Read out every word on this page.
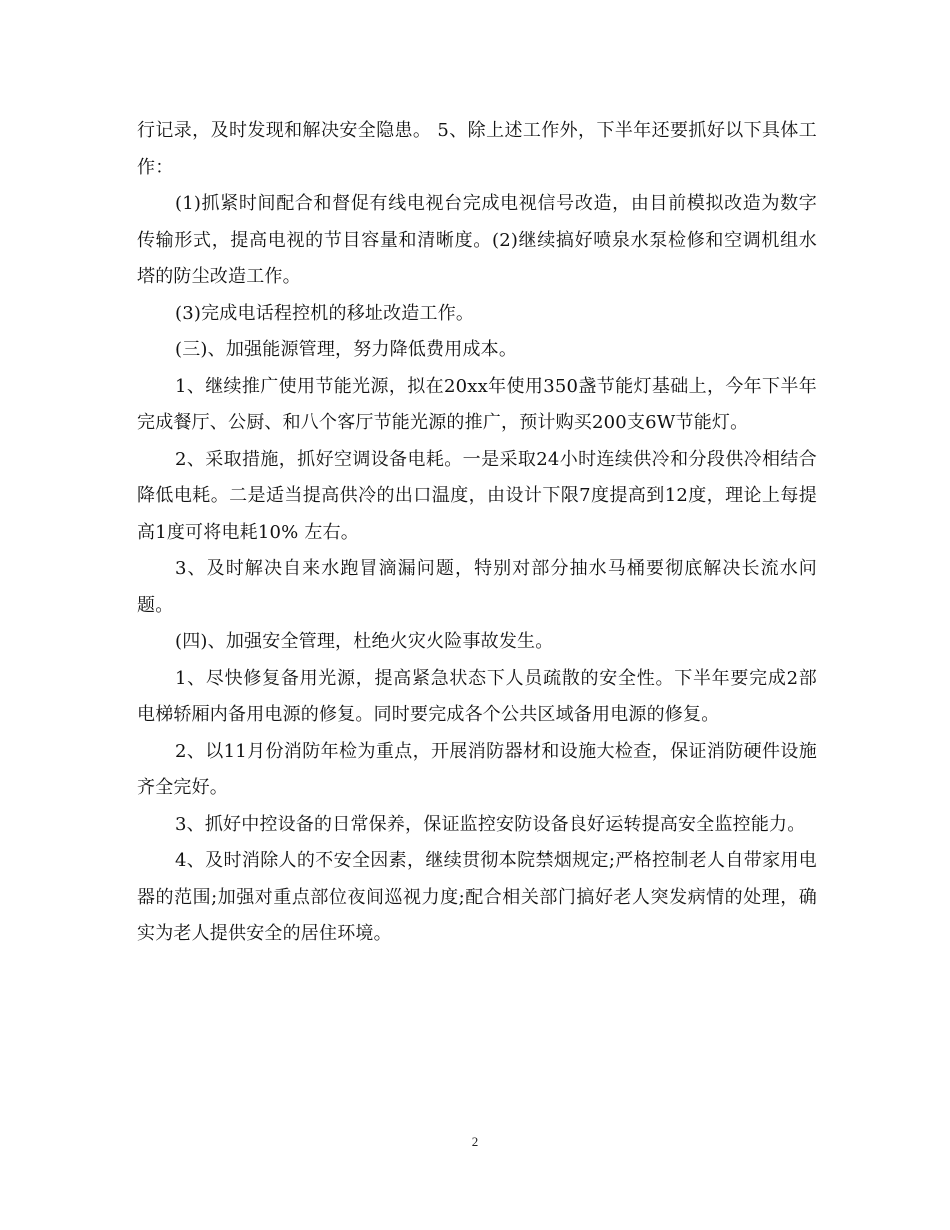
行记录，及时发现和解决安全隐患。 5、除上述工作外，下半年还要抓好以下具体工作：

(1)抓紧时间配合和督促有线电视台完成电视信号改造，由目前模拟改造为数字传输形式，提高电视的节目容量和清晰度。(2)继续搞好喷泉水泵检修和空调机组水塔的防尘改造工作。

(3)完成电话程控机的移址改造工作。

(三)、加强能源管理，努力降低费用成本。

1、继续推广使用节能光源，拟在20xx年使用350盏节能灯基础上，今年下半年完成餐厅、公厨、和八个客厅节能光源的推广，预计购买200支6W节能灯。

2、采取措施，抓好空调设备电耗。一是采取24小时连续供冷和分段供冷相结合降低电耗。二是适当提高供冷的出口温度，由设计下限7度提高到12度，理论上每提高1度可将电耗10% 左右。

3、及时解决自来水跑冒滴漏问题，特别对部分抽水马桶要彻底解决长流水问题。

(四)、加强安全管理，杜绝火灾火险事故发生。

1、尽快修复备用光源，提高紧急状态下人员疏散的安全性。下半年要完成2部电梯轿厢内备用电源的修复。同时要完成各个公共区域备用电源的修复。

2、以11月份消防年检为重点，开展消防器材和设施大检查，保证消防硬件设施齐全完好。

3、抓好中控设备的日常保养，保证监控安防设备良好运转提高安全监控能力。

4、及时消除人的不安全因素，继续贯彻本院禁烟规定;严格控制老人自带家用电器的范围;加强对重点部位夜间巡视力度;配合相关部门搞好老人突发病情的处理，确实为老人提供安全的居住环境。

2
